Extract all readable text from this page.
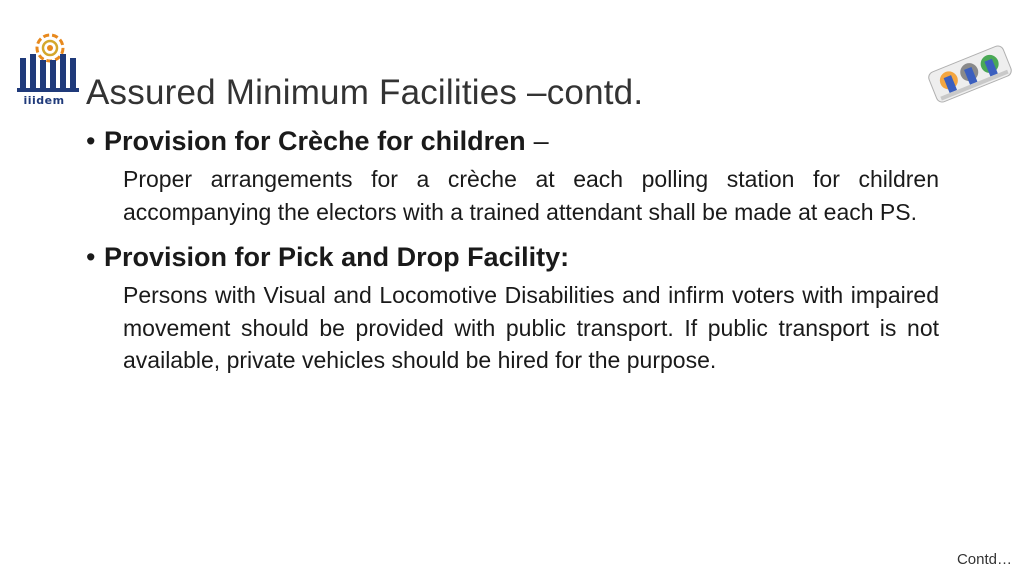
iiidem Assured Minimum Facilities –contd.
• Provision for Crèche for children –
Proper arrangements for a crèche at each polling station for children accompanying the electors with a trained attendant shall be made at each PS.
• Provision for Pick and Drop Facility:
Persons with Visual and Locomotive Disabilities and infirm voters with impaired movement should be provided with public transport. If public transport is not available, private vehicles should be hired for the purpose.
Contd…
